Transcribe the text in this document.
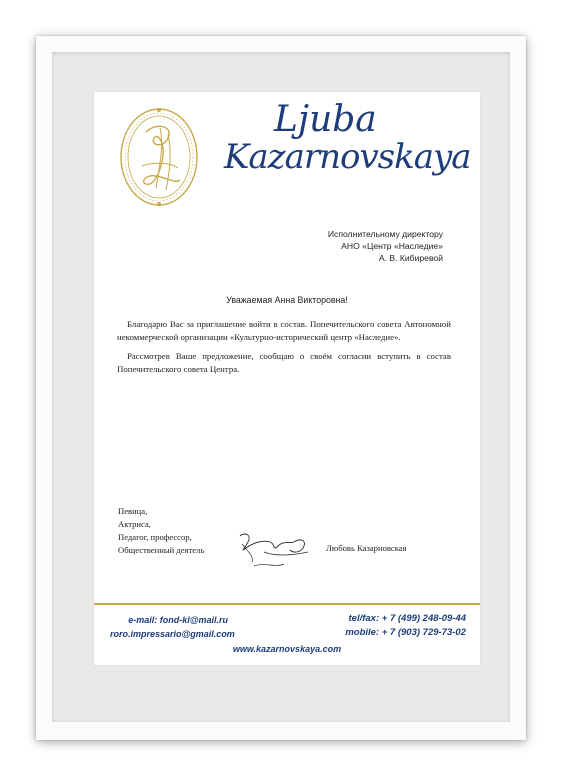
Ljuba
Kazarnovskaya
Исполнительному директору
АНО «Центр «Наследие»
А. В. Кибиревой
Уважаемая Анна Викторовна!

Благодарю Вас за приглашение войти в состав. Попечительского совета Автономной некоммерческой организации «Культурно-исторический центр «Наследие».

Рассмотрев Ваше предложение, сообщаю о своём согласии вступить в состав Попечительского совета Центра.

Певица,
Актриса,
Педагог, профессор,
Общественный деятель	Любовь Казарновская
e-mail: fond-kl@mail.ru
roro.impressario@gmail.com
tel/fax: + 7 (499) 248-09-44
mobile: + 7 (903) 729-73-02
www.kazarnovskaya.com
